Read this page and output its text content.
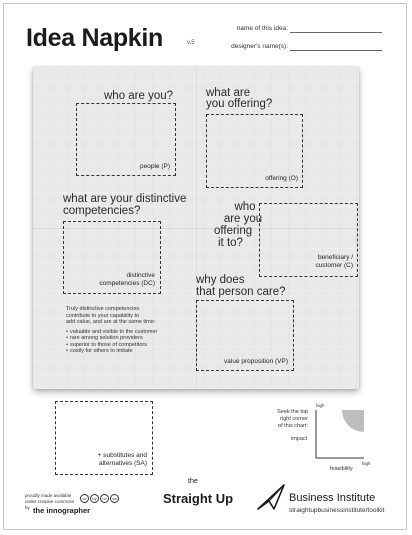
Idea Napkin	v.5
name of this idea:
designer's name(s):
who are you?
people (P)
what are
you offering?
offering (O)
what are your distinctive
competencies?
distinctive
competencies (DC)
who
are you
offering
it to?
beneficiary /
customer (C)
why does
that person care?
value proposition (VP)
Truly distinctive competencies
contribute to your capability to
add value, and are at the same time:
• valuable and visible to the customer
• rare among solution providers
• superior to those of competitors
• costly for others to imitate
+ substitutes and
alternatives (SA)
Seek the top
right corner
of this chart:
high
high
impact
feasibility
proudly made available
under creative commons
by
cc	by	nc	sa
the innographer
the
Straight Up	Business Institute
straightupbusinessinstitute/toolkit
